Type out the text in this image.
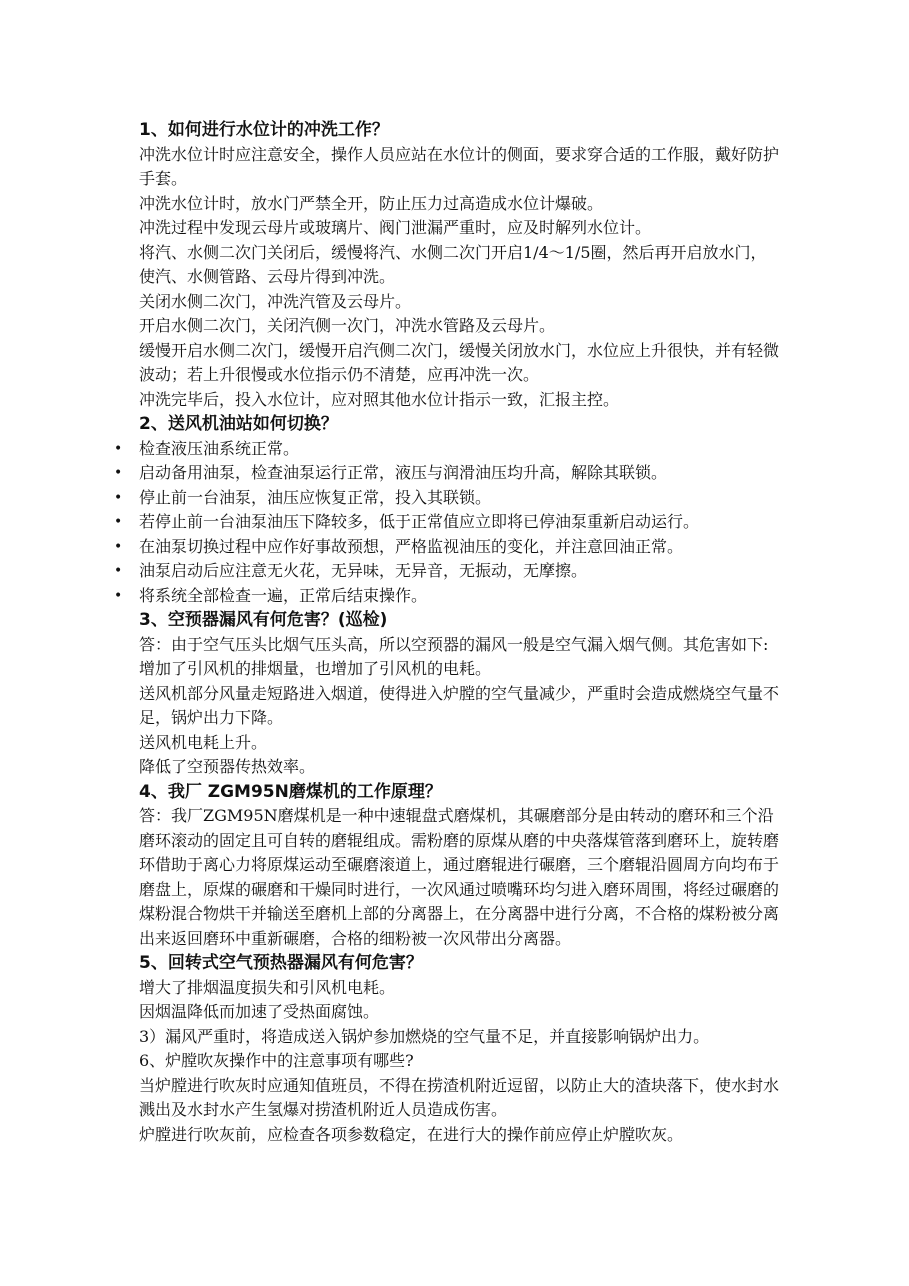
1、如何进行水位计的冲洗工作？

冲洗水位计时应注意安全，操作人员应站在水位计的侧面，要求穿合适的工作服，戴好防护手套。

冲洗水位计时，放水门严禁全开，防止压力过高造成水位计爆破。

冲洗过程中发现云母片或玻璃片、阀门泄漏严重时，应及时解列水位计。

将汽、水侧二次门关闭后，缓慢将汽、水侧二次门开启1/4～1/5圈，然后再开启放水门，使汽、水侧管路、云母片得到冲洗。

关闭水侧二次门，冲洗汽管及云母片。

开启水侧二次门，关闭汽侧一次门，冲洗水管路及云母片。

缓慢开启水侧二次门，缓慢开启汽侧二次门，缓慢关闭放水门，水位应上升很快，并有轻微波动；若上升很慢或水位指示仍不清楚，应再冲洗一次。

冲洗完毕后，投入水位计，应对照其他水位计指示一致，汇报主控。

2、送风机油站如何切换？
• 检查液压油系统正常。
• 启动备用油泵，检查油泵运行正常，液压与润滑油压均升高，解除其联锁。
• 停止前一台油泵，油压应恢复正常，投入其联锁。
• 若停止前一台油泵油压下降较多，低于正常值应立即将已停油泵重新启动运行。
• 在油泵切换过程中应作好事故预想，严格监视油压的变化，并注意回油正常。
• 油泵启动后应注意无火花，无异味，无异音，无振动，无摩擦。
• 将系统全部检查一遍，正常后结束操作。
3、空预器漏风有何危害？(巡检)

答：由于空气压头比烟气压头高，所以空预器的漏风一般是空气漏入烟气侧。其危害如下:

增加了引风机的排烟量，也增加了引风机的电耗。

送风机部分风量走短路进入烟道，使得进入炉膛的空气量减少，严重时会造成燃烧空气量不足，锅炉出力下降。

送风机电耗上升。

降低了空预器传热效率。

4、我厂 ZGM95N磨煤机的工作原理？

答：我厂ZGM95N磨煤机是一种中速辊盘式磨煤机，其碾磨部分是由转动的磨环和三个沿磨环滚动的固定且可自转的磨辊组成。需粉磨的原煤从磨的中央落煤管落到磨环上，旋转磨环借助于离心力将原煤运动至碾磨滚道上，通过磨辊进行碾磨，三个磨辊沿圆周方向均布于磨盘上，原煤的碾磨和干燥同时进行，一次风通过喷嘴环均匀进入磨环周围，将经过碾磨的煤粉混合物烘干并输送至磨机上部的分离器上，在分离器中进行分离，不合格的煤粉被分离出来返回磨环中重新碾磨，合格的细粉被一次风带出分离器。

5、回转式空气预热器漏风有何危害？

增大了排烟温度损失和引风机电耗。

因烟温降低而加速了受热面腐蚀。

3）漏风严重时，将造成送入锅炉参加燃烧的空气量不足，并直接影响锅炉出力。

6、炉膛吹灰操作中的注意事项有哪些?

当炉膛进行吹灰时应通知值班员，不得在捞渣机附近逗留，以防止大的渣块落下，使水封水溅出及水封水产生氢爆对捞渣机附近人员造成伤害。

炉膛进行吹灰前，应检查各项参数稳定，在进行大的操作前应停止炉膛吹灰。
